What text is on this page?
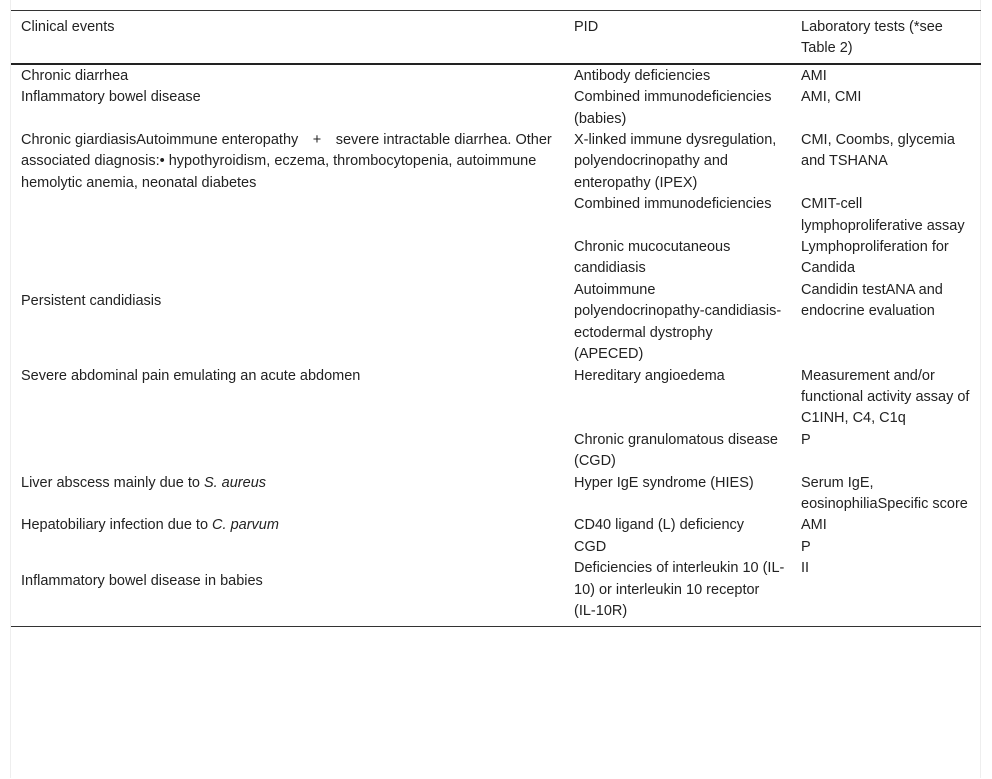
Clinical events	PID	Laboratory tests (*see Table 2)
Chronic diarrhea	Antibody deficiencies	AMI
Inflammatory bowel disease	Combined immunodeficiencies (babies)	AMI, CMI
Chronic giardiasisAutoimmune enteropathy + severe intractable diarrhea. Other associated diagnosis:• hypothyroidism, eczema, thrombocytopenia, autoimmune hemolytic anemia, neonatal diabetes	X-linked immune dysregulation, polyendocrinopathy and enteropathy (IPEX)	CMI, Coombs, glycemia and TSHANA
	Combined immunodeficiencies	CMIT-cell lymphoproliferative assay
Persistent candidiasis	Chronic mucocutaneous candidiasis	Lymphoproliferation for Candida
	Autoimmune polyendocrinopathy-candidiasis-ectodermal dystrophy (APECED)	Candidin testANA and endocrine evaluation
Severe abdominal pain emulating an acute abdomen	Hereditary angioedema	Measurement and/or functional activity assay of C1INH, C4, C1q
	Chronic granulomatous disease (CGD)	P
Liver abscess mainly due to S. aureus	Hyper IgE syndrome (HIES)	Serum IgE, eosinophiliaSpecific score
Hepatobiliary infection due to C. parvum	CD40 ligand (L) deficiency	AMI
Inflammatory bowel disease in babies	CGD	P
	Deficiencies of interleukin 10 (IL-10) or interleukin 10 receptor (IL-10R)	II
